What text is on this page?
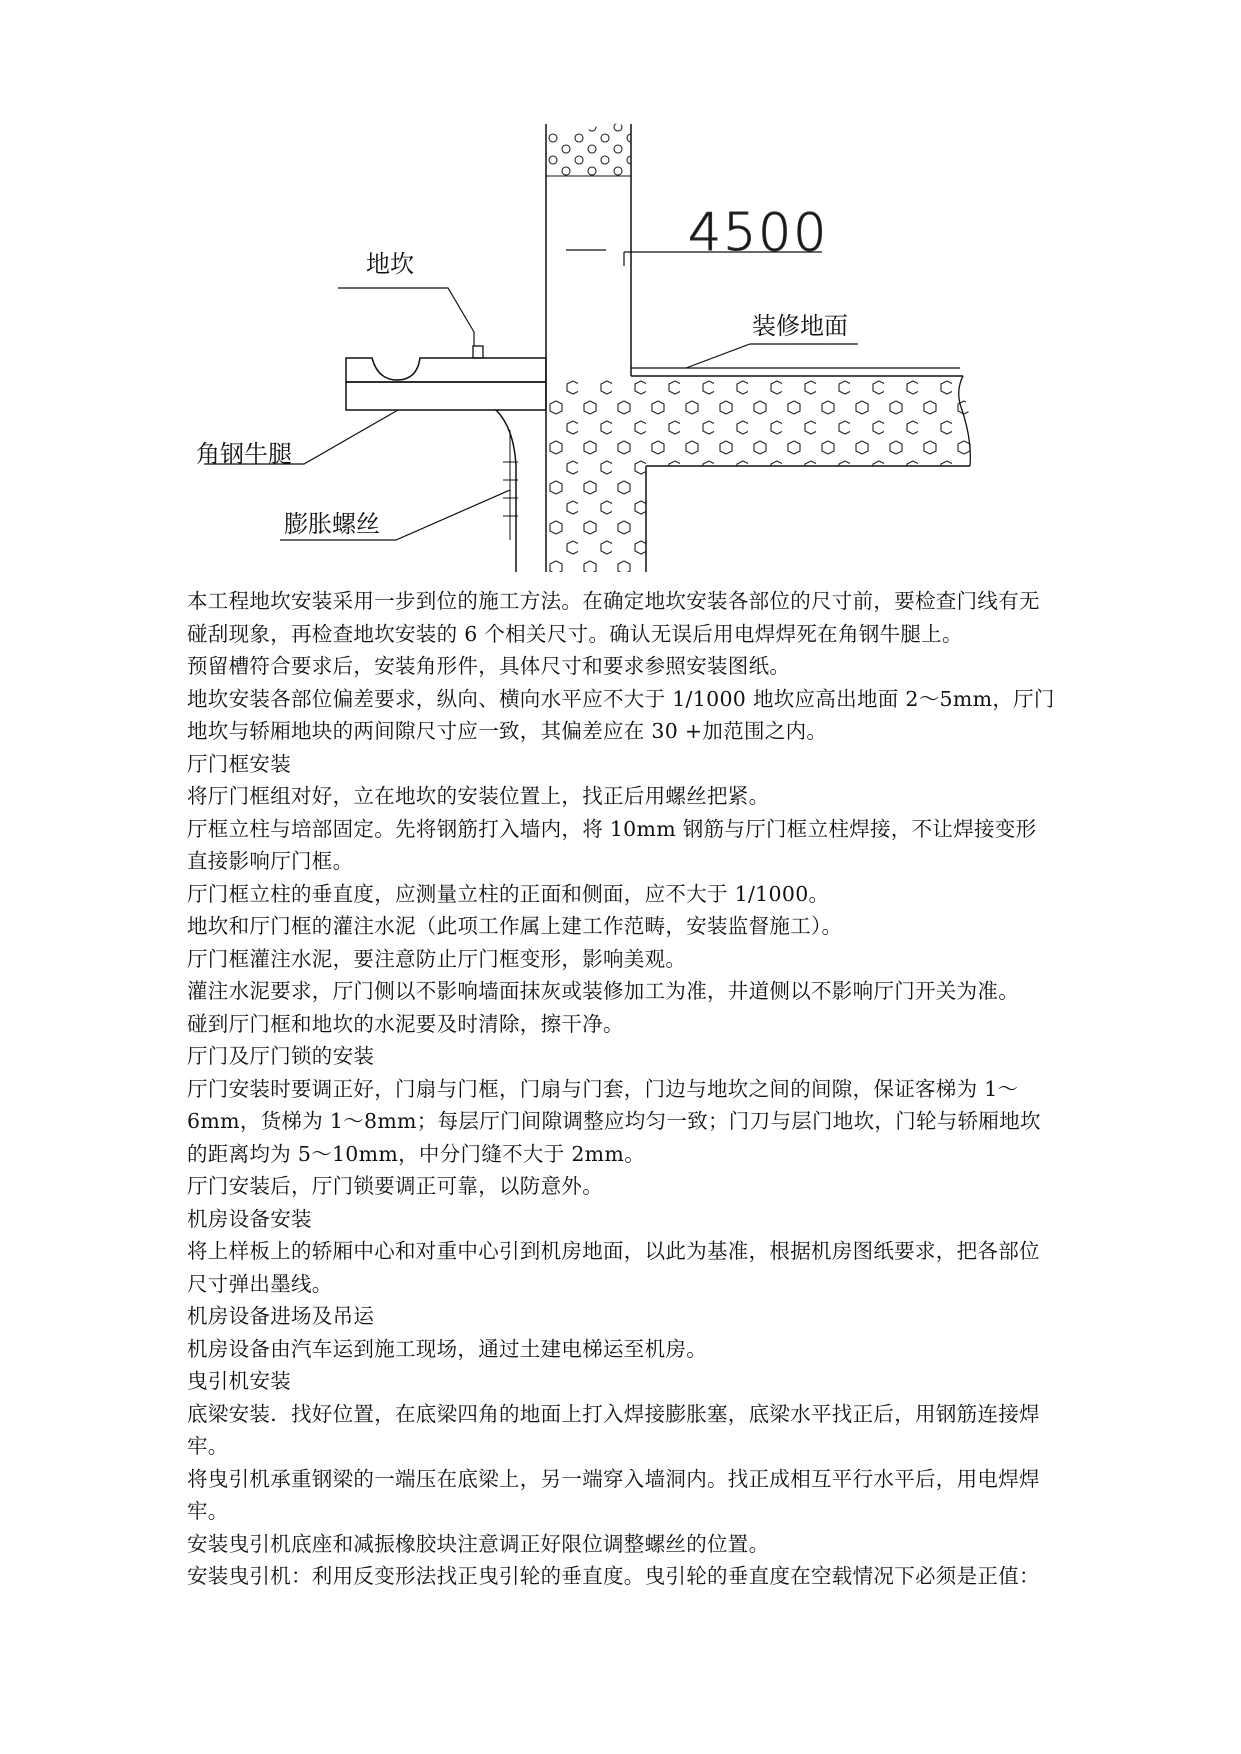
4500
地坎
装修地面
角钢牛腿
膨胀螺丝

本工程地坎安装采用一步到位的施工方法。在确定地坎安装各部位的尺寸前，要检查门线有无碰刮现象，再检查地坎安装的 6 个相关尺寸。确认无误后用电焊焊死在角钢牛腿上。

预留槽符合要求后，安装角形件，具体尺寸和要求参照安装图纸。

地坎安装各部位偏差要求，纵向、横向水平应不大于 1/1000 地坎应高出地面 2～5mm，厅门地坎与轿厢地块的两间隙尺寸应一致，其偏差应在 30 +加范围之内。

厅门框安装

将厅门框组对好，立在地坎的安装位置上，找正后用螺丝把紧。

厅框立柱与培部固定。先将钢筋打入墙内，将 10mm 钢筋与厅门框立柱焊接，不让焊接变形直接影响厅门框。

厅门框立柱的垂直度，应测量立柱的正面和侧面，应不大于 1/1000。

地坎和厅门框的灌注水泥（此项工作属上建工作范畴，安装监督施工）。

厅门框灌注水泥，要注意防止厅门框变形，影响美观。

灌注水泥要求，厅门侧以不影响墙面抹灰或装修加工为准，井道侧以不影响厅门开关为准。

碰到厅门框和地坎的水泥要及时清除，擦干净。

厅门及厅门锁的安装

厅门安装时要调正好，门扇与门框，门扇与门套，门边与地坎之间的间隙，保证客梯为 1～6mm，货梯为 1～8mm；每层厅门间隙调整应均匀一致；门刀与层门地坎，门轮与轿厢地坎的距离均为 5～10mm，中分门缝不大于 2mm。

厅门安装后，厅门锁要调正可靠，以防意外。

机房设备安装

将上样板上的轿厢中心和对重中心引到机房地面，以此为基准，根据机房图纸要求，把各部位尺寸弹出墨线。

机房设备进场及吊运

机房设备由汽车运到施工现场，通过土建电梯运至机房。

曳引机安装

底梁安装．找好位置，在底梁四角的地面上打入焊接膨胀塞，底梁水平找正后，用钢筋连接焊牢。

将曳引机承重钢梁的一端压在底梁上，另一端穿入墙洞内。找正成相互平行水平后，用电焊焊牢。

安装曳引机底座和减振橡胶块注意调正好限位调整螺丝的位置。

安装曳引机：利用反变形法找正曳引轮的垂直度。曳引轮的垂直度在空载情况下必须是正值：
